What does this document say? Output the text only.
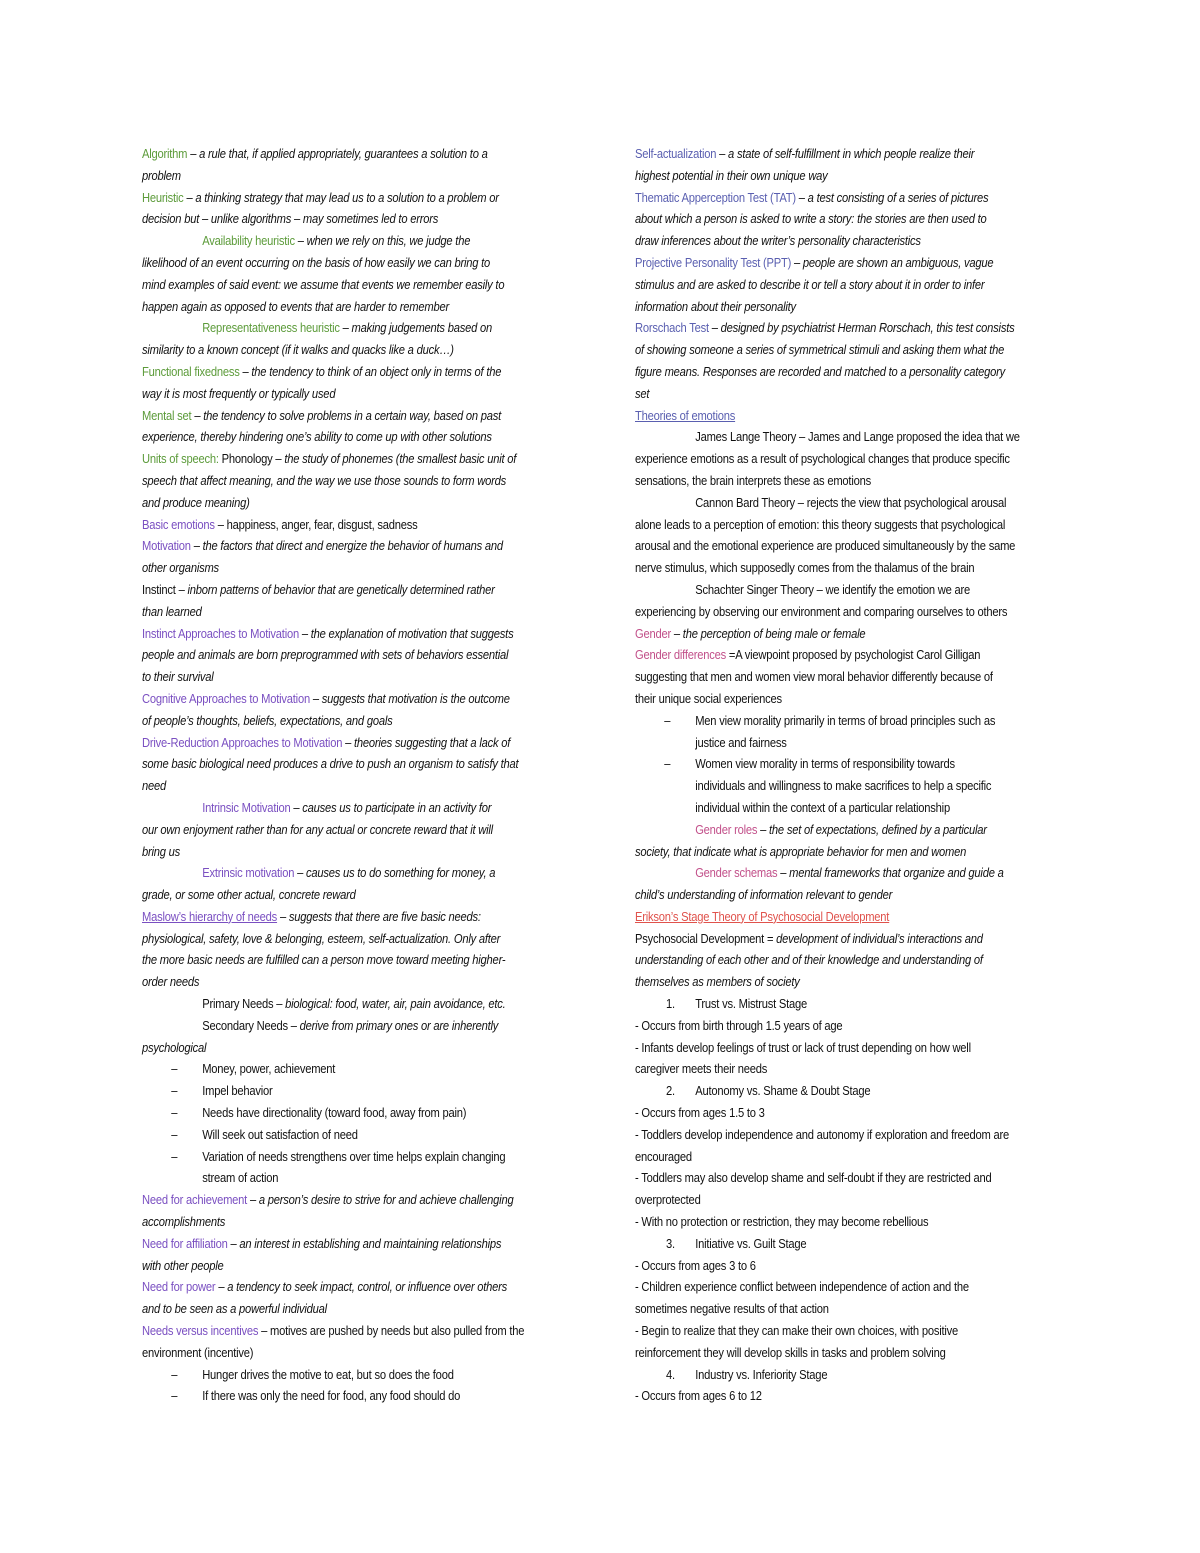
Algorithm – a rule that, if applied appropriately, guarantees a solution to a
problem
Heuristic – a thinking strategy that may lead us to a solution to a problem or
decision but – unlike algorithms – may sometimes led to errors
Availability heuristic – when we rely on this, we judge the
likelihood of an event occurring on the basis of how easily we can bring to
mind examples of said event: we assume that events we remember easily to
happen again as opposed to events that are harder to remember
Representativeness heuristic – making judgements based on
similarity to a known concept (if it walks and quacks like a duck…)
Functional fixedness – the tendency to think of an object only in terms of the
way it is most frequently or typically used
Mental set – the tendency to solve problems in a certain way, based on past
experience, thereby hindering one’s ability to come up with other solutions
Units of speech: Phonology – the study of phonemes (the smallest basic unit of
speech that affect meaning, and the way we use those sounds to form words
and produce meaning)
Basic emotions – happiness, anger, fear, disgust, sadness
Motivation – the factors that direct and energize the behavior of humans and
other organisms
Instinct – inborn patterns of behavior that are genetically determined rather
than learned
Instinct Approaches to Motivation – the explanation of motivation that suggests
people and animals are born preprogrammed with sets of behaviors essential
to their survival
Cognitive Approaches to Motivation – suggests that motivation is the outcome
of people’s thoughts, beliefs, expectations, and goals
Drive-Reduction Approaches to Motivation – theories suggesting that a lack of
some basic biological need produces a drive to push an organism to satisfy that
need
Intrinsic Motivation – causes us to participate in an activity for
our own enjoyment rather than for any actual or concrete reward that it will
bring us
Extrinsic motivation – causes us to do something for money, a
grade, or some other actual, concrete reward
Maslow’s hierarchy of needs – suggests that there are five basic needs:
physiological, safety, love & belonging, esteem, self-actualization. Only after
the more basic needs are fulfilled can a person move toward meeting higher-
order needs
Primary Needs – biological: food, water, air, pain avoidance, etc.
Secondary Needs – derive from primary ones or are inherently
psychological
– Money, power, achievement
– Impel behavior
– Needs have directionality (toward food, away from pain)
– Will seek out satisfaction of need
– Variation of needs strengthens over time helps explain changing
stream of action
Need for achievement – a person’s desire to strive for and achieve challenging
accomplishments
Need for affiliation – an interest in establishing and maintaining relationships
with other people
Need for power – a tendency to seek impact, control, or influence over others
and to be seen as a powerful individual
Needs versus incentives – motives are pushed by needs but also pulled from the
environment (incentive)
– Hunger drives the motive to eat, but so does the food
– If there was only the need for food, any food should do
Self-actualization – a state of self-fulfillment in which people realize their
highest potential in their own unique way
Thematic Apperception Test (TAT) – a test consisting of a series of pictures
about which a person is asked to write a story: the stories are then used to
draw inferences about the writer’s personality characteristics
Projective Personality Test (PPT) – people are shown an ambiguous, vague
stimulus and are asked to describe it or tell a story about it in order to infer
information about their personality
Rorschach Test – designed by psychiatrist Herman Rorschach, this test consists
of showing someone a series of symmetrical stimuli and asking them what the
figure means. Responses are recorded and matched to a personality category
set
Theories of emotions
James Lange Theory – James and Lange proposed the idea that we
experience emotions as a result of psychological changes that produce specific
sensations, the brain interprets these as emotions
Cannon Bard Theory – rejects the view that psychological arousal
alone leads to a perception of emotion: this theory suggests that psychological
arousal and the emotional experience are produced simultaneously by the same
nerve stimulus, which supposedly comes from the thalamus of the brain
Schachter Singer Theory – we identify the emotion we are
experiencing by observing our environment and comparing ourselves to others
Gender – the perception of being male or female
Gender differences =A viewpoint proposed by psychologist Carol Gilligan
suggesting that men and women view moral behavior differently because of
their unique social experiences
– Men view morality primarily in terms of broad principles such as
justice and fairness
– Women view morality in terms of responsibility towards
individuals and willingness to make sacrifices to help a specific
individual within the context of a particular relationship
Gender roles – the set of expectations, defined by a particular
society, that indicate what is appropriate behavior for men and women
Gender schemas – mental frameworks that organize and guide a
child’s understanding of information relevant to gender
Erikson’s Stage Theory of Psychosocial Development
Psychosocial Development = development of individual’s interactions and
understanding of each other and of their knowledge and understanding of
themselves as members of society
1. Trust vs. Mistrust Stage
- Occurs from birth through 1.5 years of age
- Infants develop feelings of trust or lack of trust depending on how well
caregiver meets their needs
2. Autonomy vs. Shame & Doubt Stage
- Occurs from ages 1.5 to 3
- Toddlers develop independence and autonomy if exploration and freedom are
encouraged
- Toddlers may also develop shame and self-doubt if they are restricted and
overprotected
- With no protection or restriction, they may become rebellious
3. Initiative vs. Guilt Stage
- Occurs from ages 3 to 6
- Children experience conflict between independence of action and the
sometimes negative results of that action
- Begin to realize that they can make their own choices, with positive
reinforcement they will develop skills in tasks and problem solving
4. Industry vs. Inferiority Stage
- Occurs from ages 6 to 12
